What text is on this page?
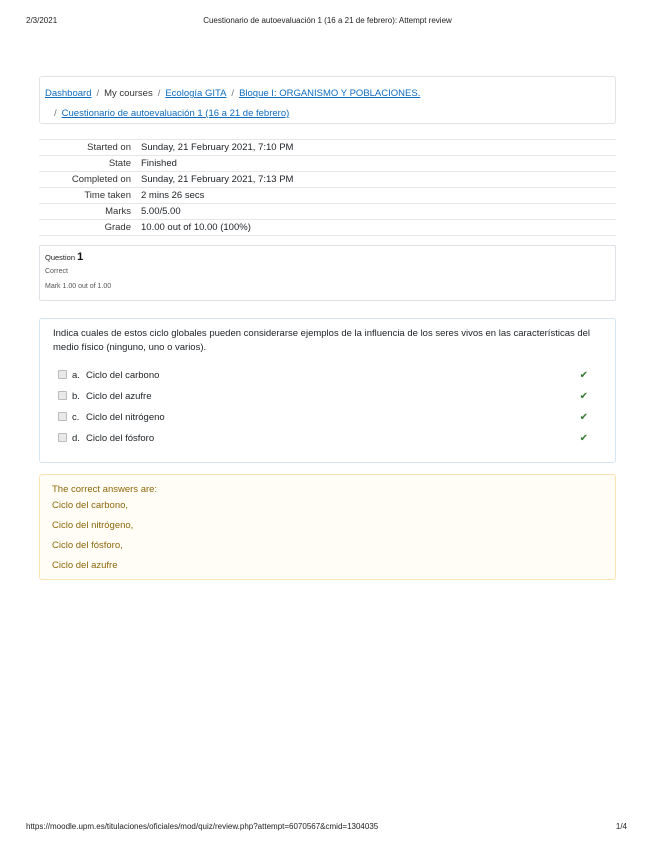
2/3/2021	Cuestionario de autoevaluación 1 (16 a 21 de febrero): Attempt review
Dashboard / My courses / Ecología GITA / Bloque I: ORGANISMO Y POBLACIONES.
/ Cuestionario de autoevaluación 1 (16 a 21 de febrero)
Started on	Sunday, 21 February 2021, 7:10 PM
State	Finished
Completed on	Sunday, 21 February 2021, 7:13 PM
Time taken	2 mins 26 secs
Marks	5.00/5.00
Grade	10.00 out of 10.00 (100%)
Question 1
Correct
Mark 1.00 out of 1.00
Indica cuales de estos ciclo globales pueden considerarse ejemplos de la influencia de los seres vivos en las características del medio físico (ninguno, uno o varios).
a. Ciclo del carbono	✔
b. Ciclo del azufre	✔
c. Ciclo del nitrógeno	✔
d. Ciclo del fósforo	✔
The correct answers are:
Ciclo del carbono,
Ciclo del nitrógeno,
Ciclo del fósforo,
Ciclo del azufre
https://moodle.upm.es/titulaciones/oficiales/mod/quiz/review.php?attempt=6070567&cmid=1304035	1/4
